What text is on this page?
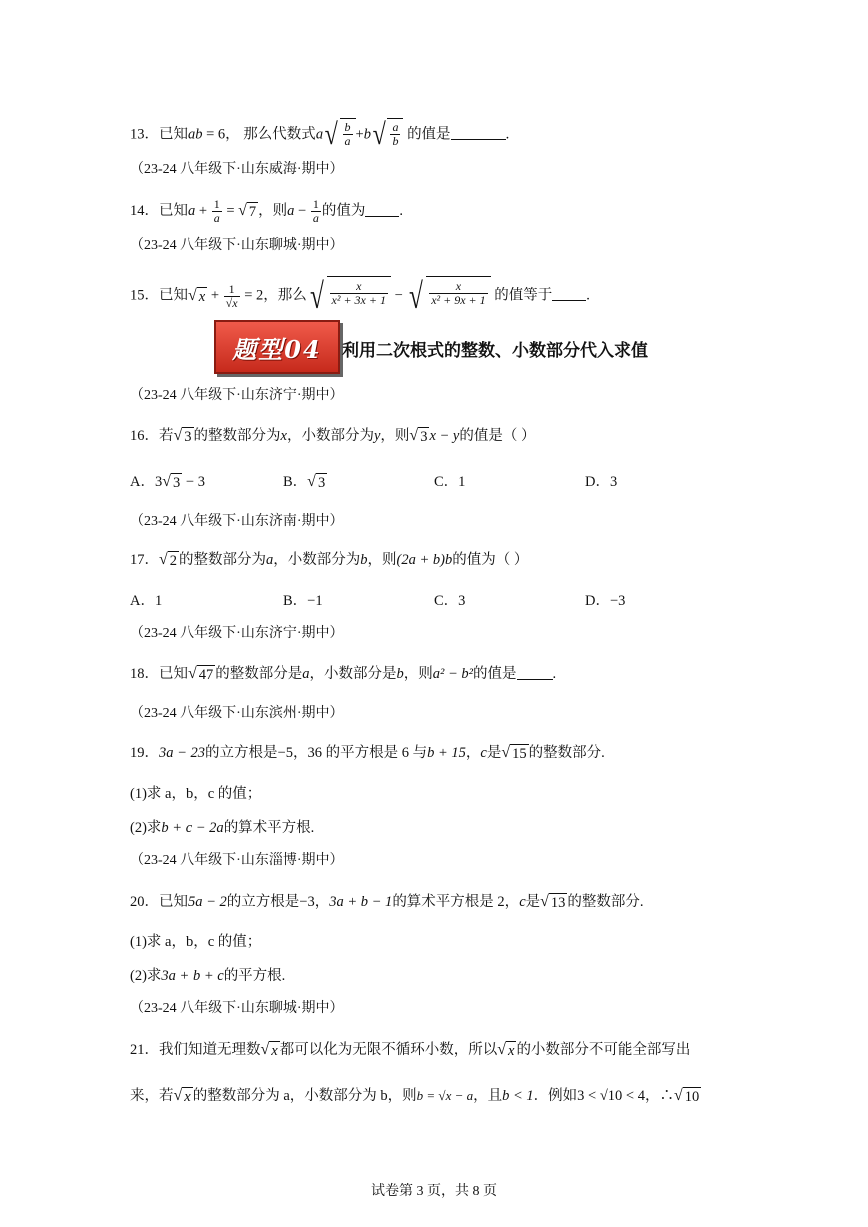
13．已知ab = 6， 那么代数式a √ $\frac{b}{a} +b$ √ $\frac{a}{b}$ 的值是	.
（23-24 八年级下·山东威海·期中）
14．已知$a + \frac{1}{a}$ = √ 7 ，则$a - \frac{1}{a}$ 的值为 .
（23-24 八年级下·山东聊城·期中）
15．已知 √ $x + \frac{1}{√x} = 2$，那么 √ $\frac{x}{\text{x² + 3x + 1}}$ − √ $\frac{x}{\text{x² + 9x + 1}}$ 的值等于 .
题型04 利用二次根式的整数、小数部分代入求值
（23-24 八年级下·山东济宁·期中）
16．若 √ 3 的整数部分为x，小数部分为y，则 √ 3 x − y的值是（ ）
A．3 √ 3 − 3	B． √ 3	C．1	D．3
（23-24 八年级下·山东济南·期中）
17． √ 2 的整数部分为a，小数部分为b，则(2a + b)b的值为（ ）
A．1	B．−1	C．3	D．−3
（23-24 八年级下·山东济宁·期中）
18．已知 √ 47 的整数部分是a，小数部分是b，则a² − b²的值是 .
（23-24 八年级下·山东滨州·期中）
19．3a − 23的立方根是−5，36 的平方根是 6 与b + 15，c是 √ 15 的整数部分.
(1)求 a，b，c 的值；
(2)求b + c − 2a的算术平方根.
（23-24 八年级下·山东淄博·期中）
20．已知5a − 2的立方根是−3，3a + b − 1的算术平方根是 2，c是 √ 13 的整数部分.
(1)求 a，b，c 的值；
(2)求3a + b + c的平方根.
（23-24 八年级下·山东聊城·期中）
21．我们知道无理数 √ x 都可以化为无限不循环小数，所以 √ x 的小数部分不可能全部写出
来，若 √ x 的整数部分为 a，小数部分为 b，则b = √x − a，且b < 1．例如3 < √10 < 4，∴ √ 10
试卷第 3 页，共 8 页
